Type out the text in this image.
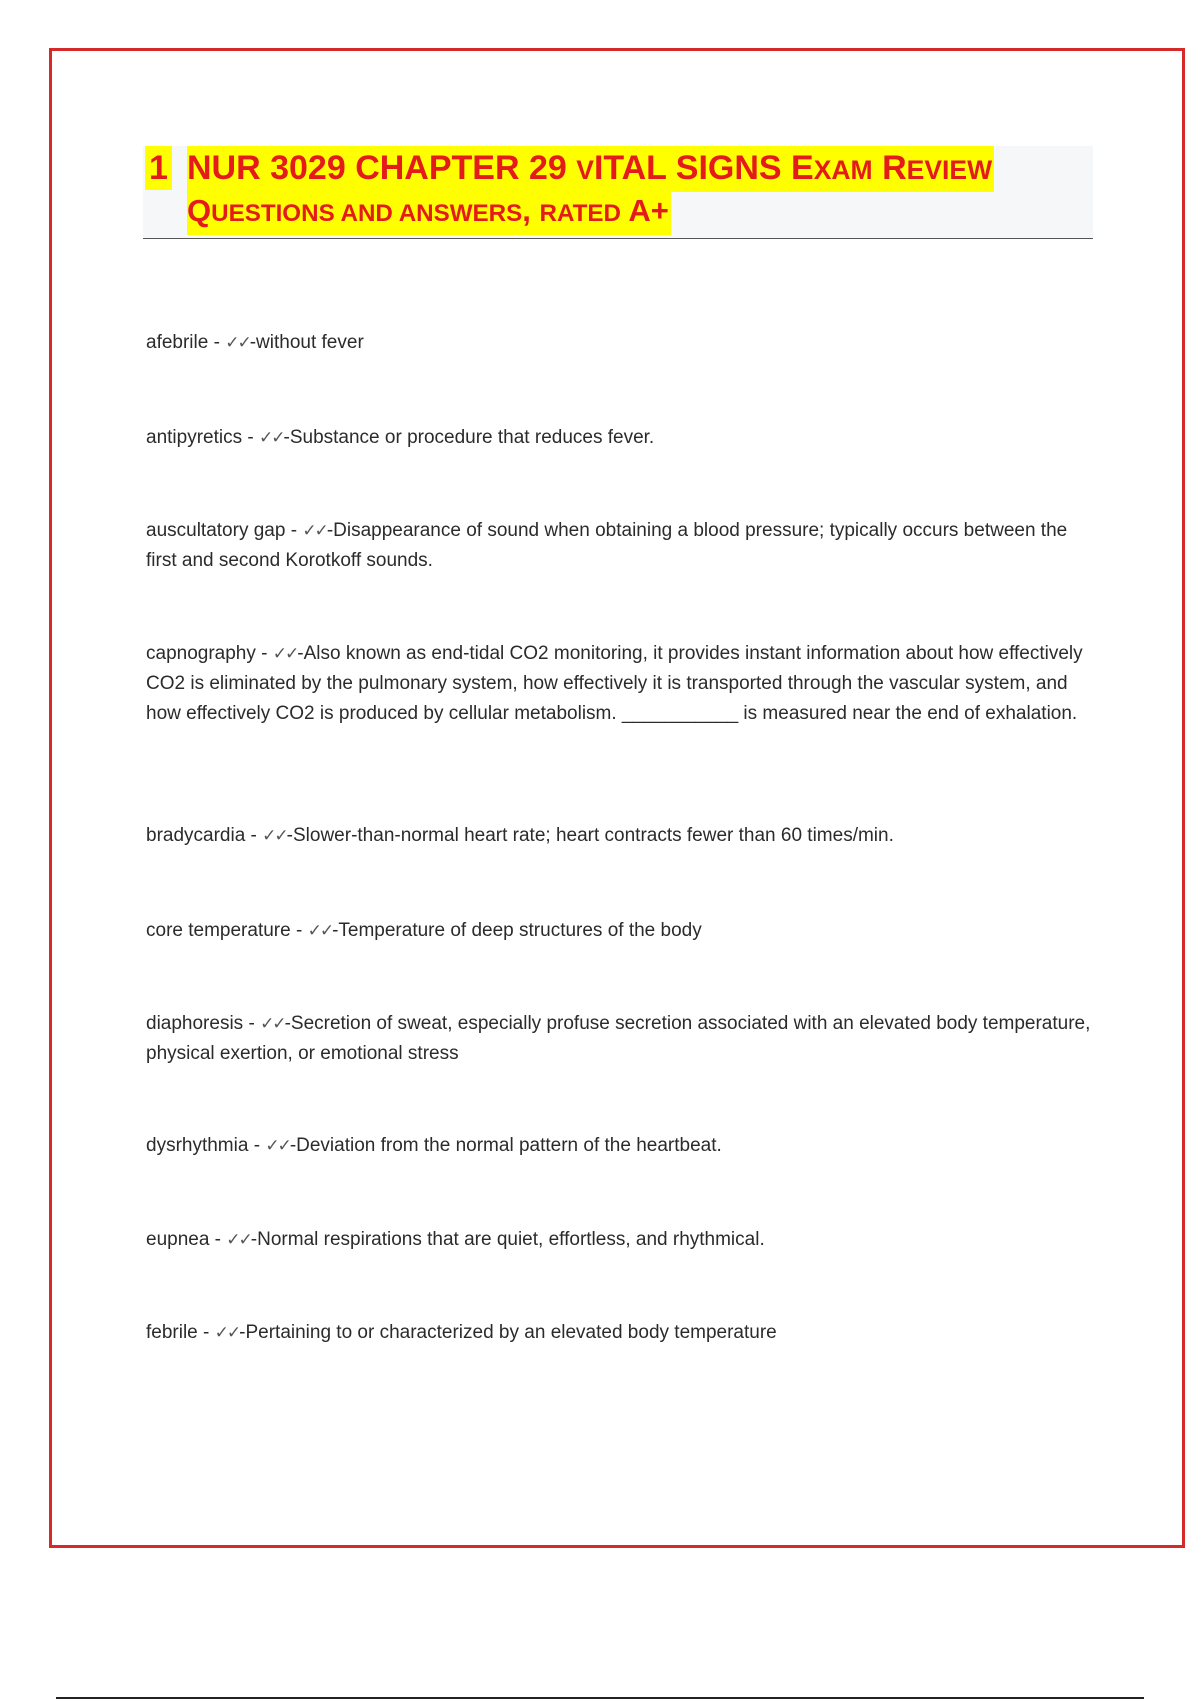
1 NUR 3029 CHAPTER 29 VITAL SIGNS EXAM REVIEW
QUESTIONS AND ANSWERS, RATED A+
afebrile - ✓✓-without fever
antipyretics - ✓✓-Substance or procedure that reduces fever.
auscultatory gap - ✓✓-Disappearance of sound when obtaining a blood pressure; typically occurs between the first and second Korotkoff sounds.
capnography - ✓✓-Also known as end-tidal CO2 monitoring, it provides instant information about how effectively CO2 is eliminated by the pulmonary system, how effectively it is transported through the vascular system, and how effectively CO2 is produced by cellular metabolism. ___________ is measured near the end of exhalation.
bradycardia - ✓✓-Slower-than-normal heart rate; heart contracts fewer than 60 times/min.
core temperature - ✓✓-Temperature of deep structures of the body
diaphoresis - ✓✓-Secretion of sweat, especially profuse secretion associated with an elevated body temperature, physical exertion, or emotional stress
dysrhythmia - ✓✓-Deviation from the normal pattern of the heartbeat.
eupnea - ✓✓-Normal respirations that are quiet, effortless, and rhythmical.
febrile - ✓✓-Pertaining to or characterized by an elevated body temperature
